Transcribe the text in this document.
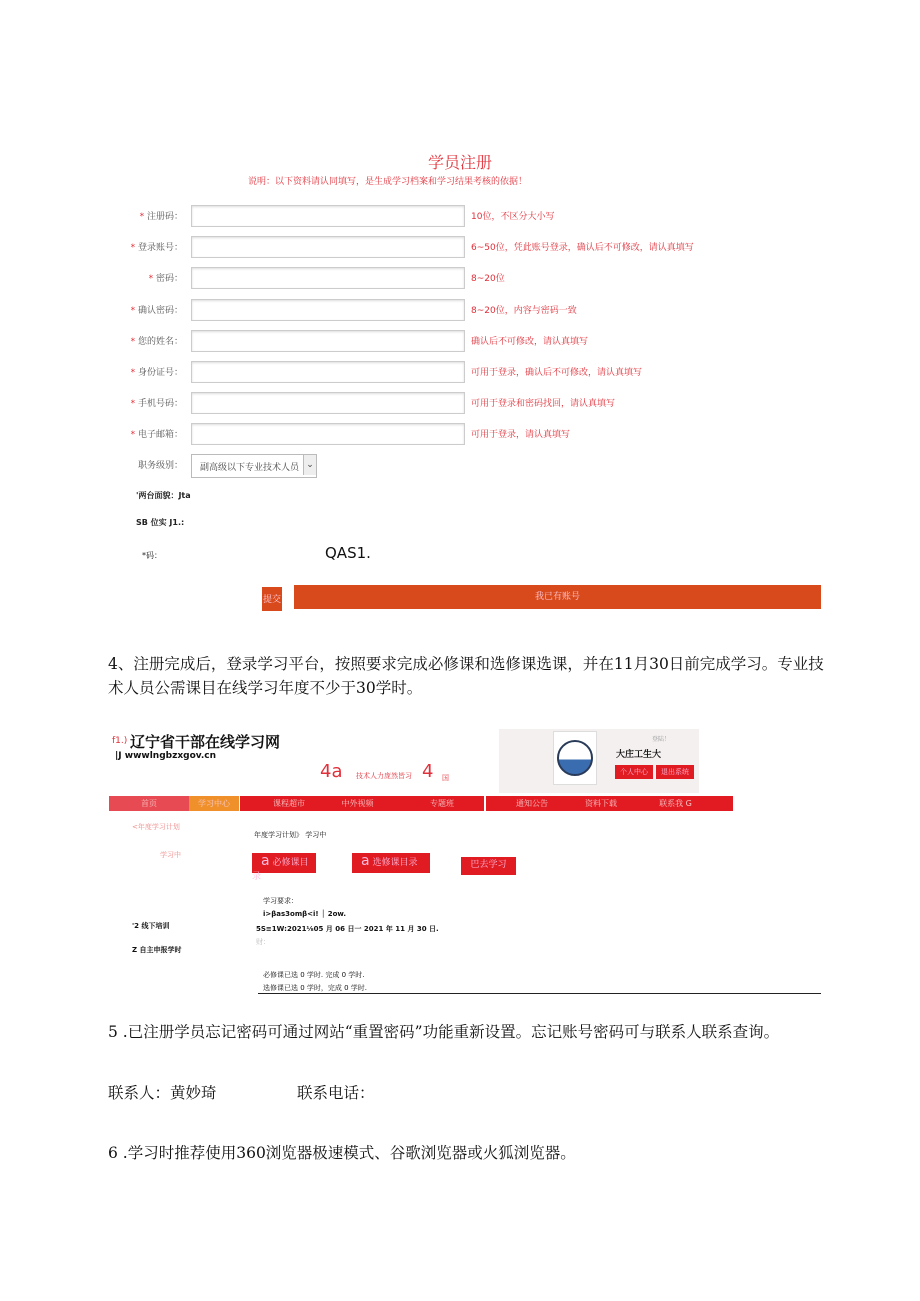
学员注册
说明：以下资料请认同填写，是生成学习档案和学习结果考核的依据！
* 注册码：	10位，不区分大小写
* 登录账号：	6~50位，凭此账号登录，确认后不可修改，请认真填写
* 密码：	8~20位
* 确认密码：	8~20位，内容与密码一致
* 您的姓名：	确认后不可修改，请认真填写
* 身份证号：	可用于登录，确认后不可修改，请认真填写
* 手机号码：	可用于登录和密码找回，请认真填写
* 电子邮箱：	可用于登录，请认真填写
职务级别： 副高级以下专业技术人员 ⌄
'两台面貌：Jta
SB 位实 J1.:
*码：	QAS1.
提交	我已有账号
4、注册完成后，登录学习平台，按照要求完成必修课和选修课选课，并在11月30日前完成学习。专业技术人员公需课目在线学习年度不少于30学时。
f1.) 辽宁省干部在线学习网
|J wwwlngbzxgov.cn
4a 技术人力庞然皆习 4 国
登陆！
大庄工生大
个人中心	退出系统
首页	学习中心	课程超市	中外视频	专题班	通知公告	资料下载	联系我 G
<年度学习计划
学习中
'2 线下培训
Z 自主申报学时
年度学习计划》 学习中
a 必修课目录
a 选修课目录	巴去学习
学习要求：
i>βas3omβ<i! │ 2ow.
5S≡1W:2021⅛05 月 06 日一 2021 年 11 月 30 日.
财：
必修课已选 0 学时. 完成 0 学时.
选修课已选 0 学时，完成 0 学时.
5 .已注册学员忘记密码可通过网站“重置密码”功能重新设置。忘记账号密码可与联系人联系查询。
联系人：黄妙琦	联系电话：
6 .学习时推荐使用360浏览器极速模式、谷歌浏览器或火狐浏览器。
